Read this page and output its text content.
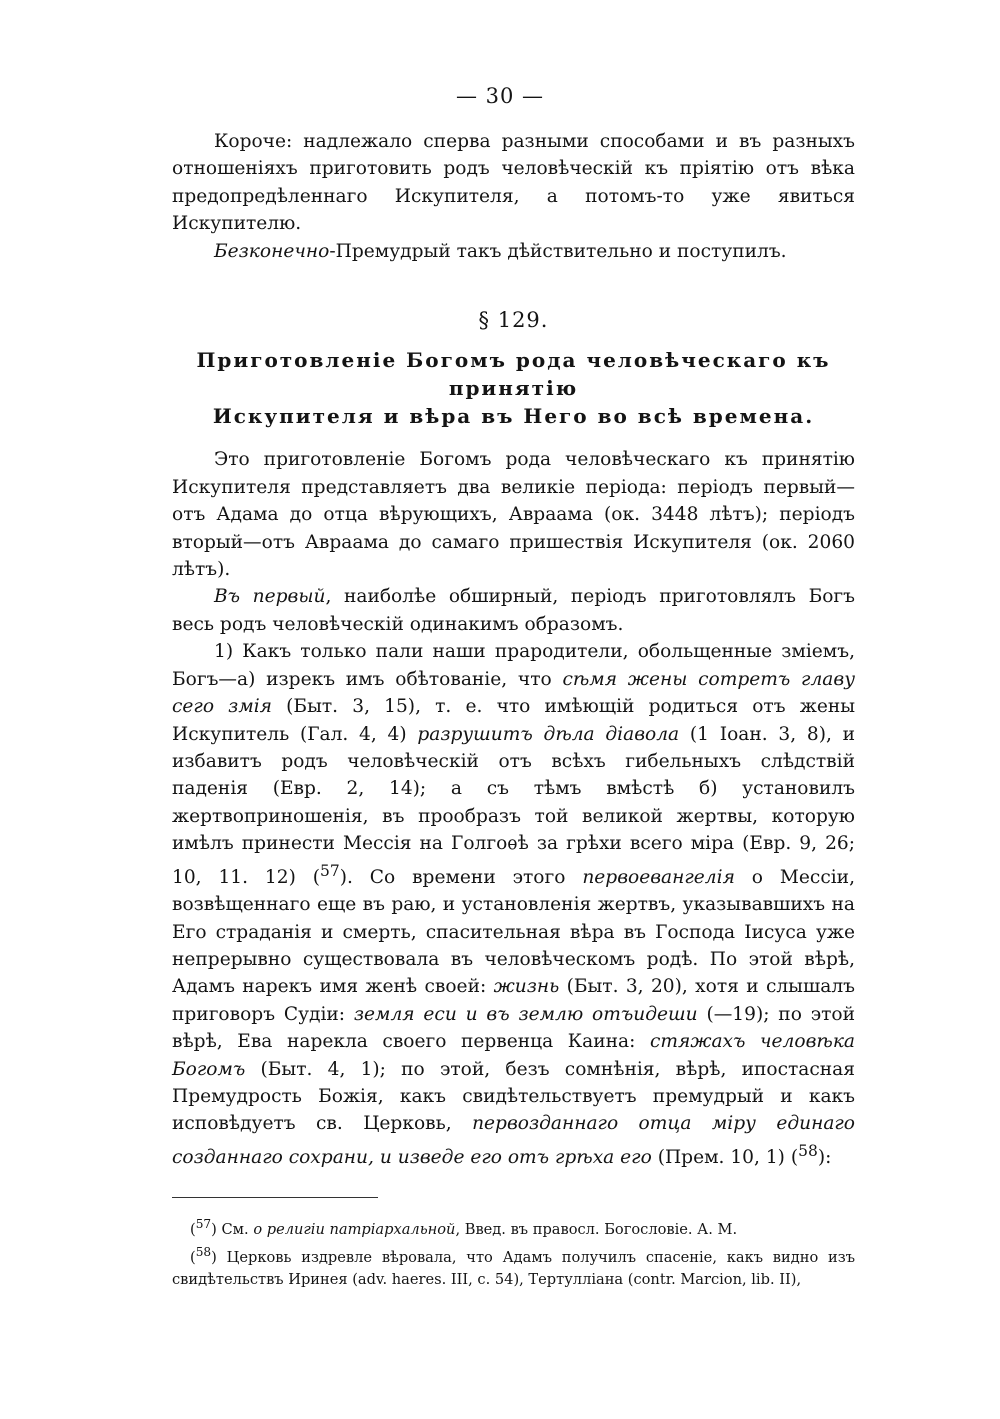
— 30 —

Короче: надлежало сперва разными способами и въ разныхъ отношеніяхъ приготовить родъ человѣческій къ пріятію отъ вѣка предопредѣленнаго Искупителя, а потомъ-то уже явиться Искупителю.

Безконечно-Премудрый такъ дѣйствительно и поступилъ.

§ 129.
Приготовленіе Богомъ рода человѣческаго къ принятію
Искупителя и вѣра въ Него во всѣ времена.

Это приготовленіе Богомъ рода человѣческаго къ принятію Искупителя представляетъ два великіе періода: періодъ первый—отъ Адама до отца вѣрующихъ, Авраама (ок. 3448 лѣтъ); періодъ вторый—отъ Авраама до самаго пришествія Искупителя (ок. 2060 лѣтъ).

Въ первый, наиболѣе обширный, періодъ приготовлялъ Богъ весь родъ человѣческій одинакимъ образомъ.

1) Какъ только пали наши прародители, обольщенные зміемъ, Богъ—а) изрекъ имъ обѣтованіе, что сѣмя жены сотретъ главу сего змія (Быт. 3, 15), т. е. что имѣющій родиться отъ жены Искупитель (Гал. 4, 4) разрушитъ дѣла діавола (1 Іоан. 3, 8), и избавитъ родъ человѣческій отъ всѣхъ гибельныхъ слѣдствій паденія (Евр. 2, 14); а съ тѣмъ вмѣстѣ б) установилъ жертвоприношенія, въ прообразъ той великой жертвы, которую имѣлъ принести Мессія на Голгоѳѣ за грѣхи всего міра (Евр. 9, 26; 10, 11. 12) ($^{57}$). Со времени этого первоевангелія о Мессіи, возвѣщеннаго еще въ раю, и установленія жертвъ, указывавшихъ на Его страданія и смерть, спасительная вѣра въ Господа Іисуса уже непрерывно существовала въ человѣческомъ родѣ. По этой вѣрѣ, Адамъ нарекъ имя женѣ своей: жизнь (Быт. 3, 20), хотя и слышалъ приговоръ Судіи: земля еси и въ землю отъидеши (—19); по этой вѣрѣ, Ева нарекла своего первенца Каина: стяжахъ человѣка Богомъ (Быт. 4, 1); по этой, безъ сомнѣнія, вѣрѣ, ипостасная Премудрость Божія, какъ свидѣтельствуетъ премудрый и какъ исповѣдуетъ св. Церковь, первозданнаго отца міру единаго созданнаго сохрани, и изведе его отъ грѣха его (Прем. 10, 1) ($^{58}$):

($^{57}$) См. о религіи патріархальной, Введ. въ правосл. Богословіе. А. М.

($^{58}$) Церковь издревле вѣровала, что Адамъ получилъ спасеніе, какъ видно изъ свидѣтельствъ Иринея (adv. haeres. III, c. 54), Тертулліана (contr. Marcion, lib. II),
